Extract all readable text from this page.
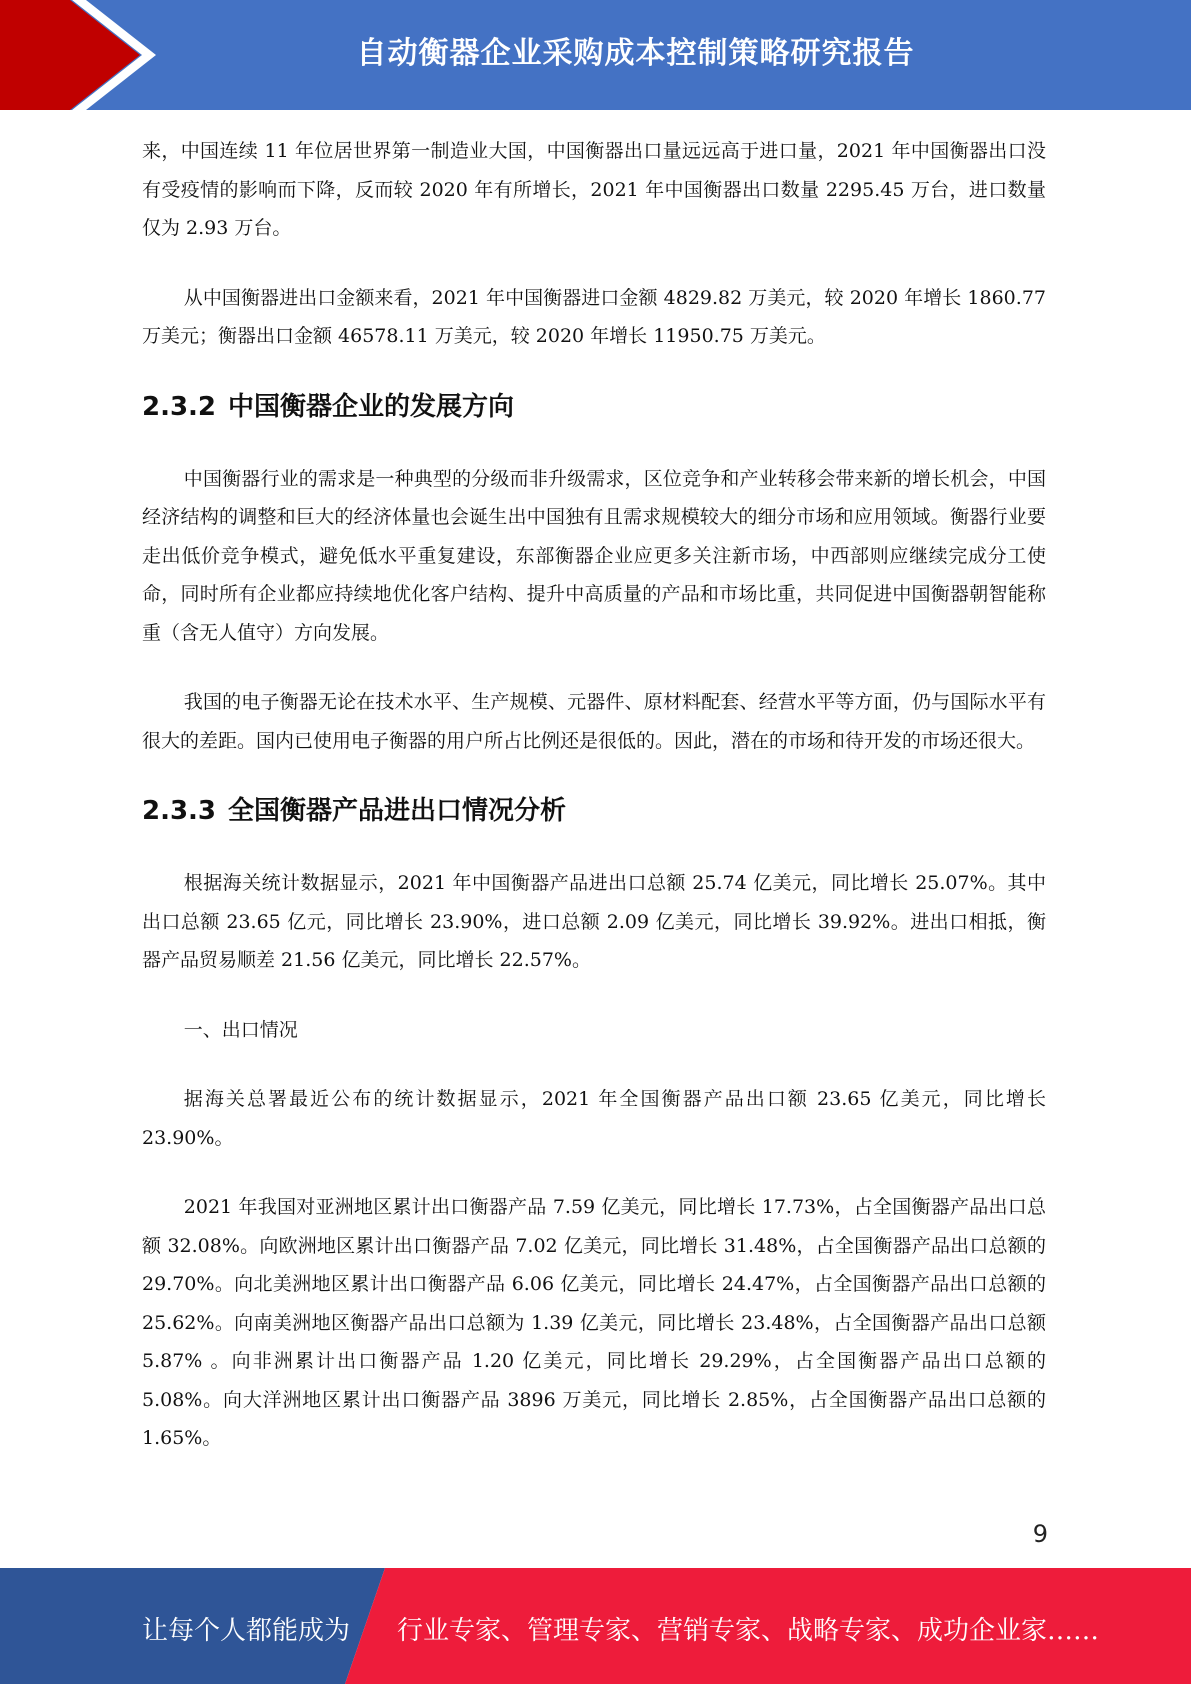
自动衡器企业采购成本控制策略研究报告

来，中国连续 11 年位居世界第一制造业大国，中国衡器出口量远远高于进口量，2021 年中国衡器出口没有受疫情的影响而下降，反而较 2020 年有所增长，2021 年中国衡器出口数量 2295.45 万台，进口数量仅为 2.93 万台。

从中国衡器进出口金额来看，2021 年中国衡器进口金额 4829.82 万美元，较 2020 年增长 1860.77 万美元；衡器出口金额 46578.11 万美元，较 2020 年增长 11950.75 万美元。

2.3.2 中国衡器企业的发展方向

中国衡器行业的需求是一种典型的分级而非升级需求，区位竞争和产业转移会带来新的增长机会，中国经济结构的调整和巨大的经济体量也会诞生出中国独有且需求规模较大的细分市场和应用领域。衡器行业要走出低价竞争模式，避免低水平重复建设，东部衡器企业应更多关注新市场，中西部则应继续完成分工使命，同时所有企业都应持续地优化客户结构、提升中高质量的产品和市场比重，共同促进中国衡器朝智能称重（含无人值守）方向发展。

我国的电子衡器无论在技术水平、生产规模、元器件、原材料配套、经营水平等方面，仍与国际水平有很大的差距。国内已使用电子衡器的用户所占比例还是很低的。因此，潜在的市场和待开发的市场还很大。

2.3.3 全国衡器产品进出口情况分析

根据海关统计数据显示，2021 年中国衡器产品进出口总额 25.74 亿美元，同比增长 25.07%。其中出口总额 23.65 亿元，同比增长 23.90%，进口总额 2.09 亿美元，同比增长 39.92%。进出口相抵，衡器产品贸易顺差 21.56 亿美元，同比增长 22.57%。

一、出口情况

据海关总署最近公布的统计数据显示，2021 年全国衡器产品出口额 23.65 亿美元，同比增长 23.90%。

2021 年我国对亚洲地区累计出口衡器产品 7.59 亿美元，同比增长 17.73%，占全国衡器产品出口总额 32.08%。向欧洲地区累计出口衡器产品 7.02 亿美元，同比增长 31.48%，占全国衡器产品出口总额的 29.70%。向北美洲地区累计出口衡器产品 6.06 亿美元，同比增长 24.47%，占全国衡器产品出口总额的 25.62%。向南美洲地区衡器产品出口总额为 1.39 亿美元，同比增长 23.48%，占全国衡器产品出口总额 5.87% 。向非洲累计出口衡器产品 1.20 亿美元，同比增长 29.29%，占全国衡器产品出口总额的 5.08%。向大洋洲地区累计出口衡器产品 3896 万美元，同比增长 2.85%，占全国衡器产品出口总额的 1.65%。

9
让每个人都能成为 行业专家、管理专家、营销专家、战略专家、成功企业家……
